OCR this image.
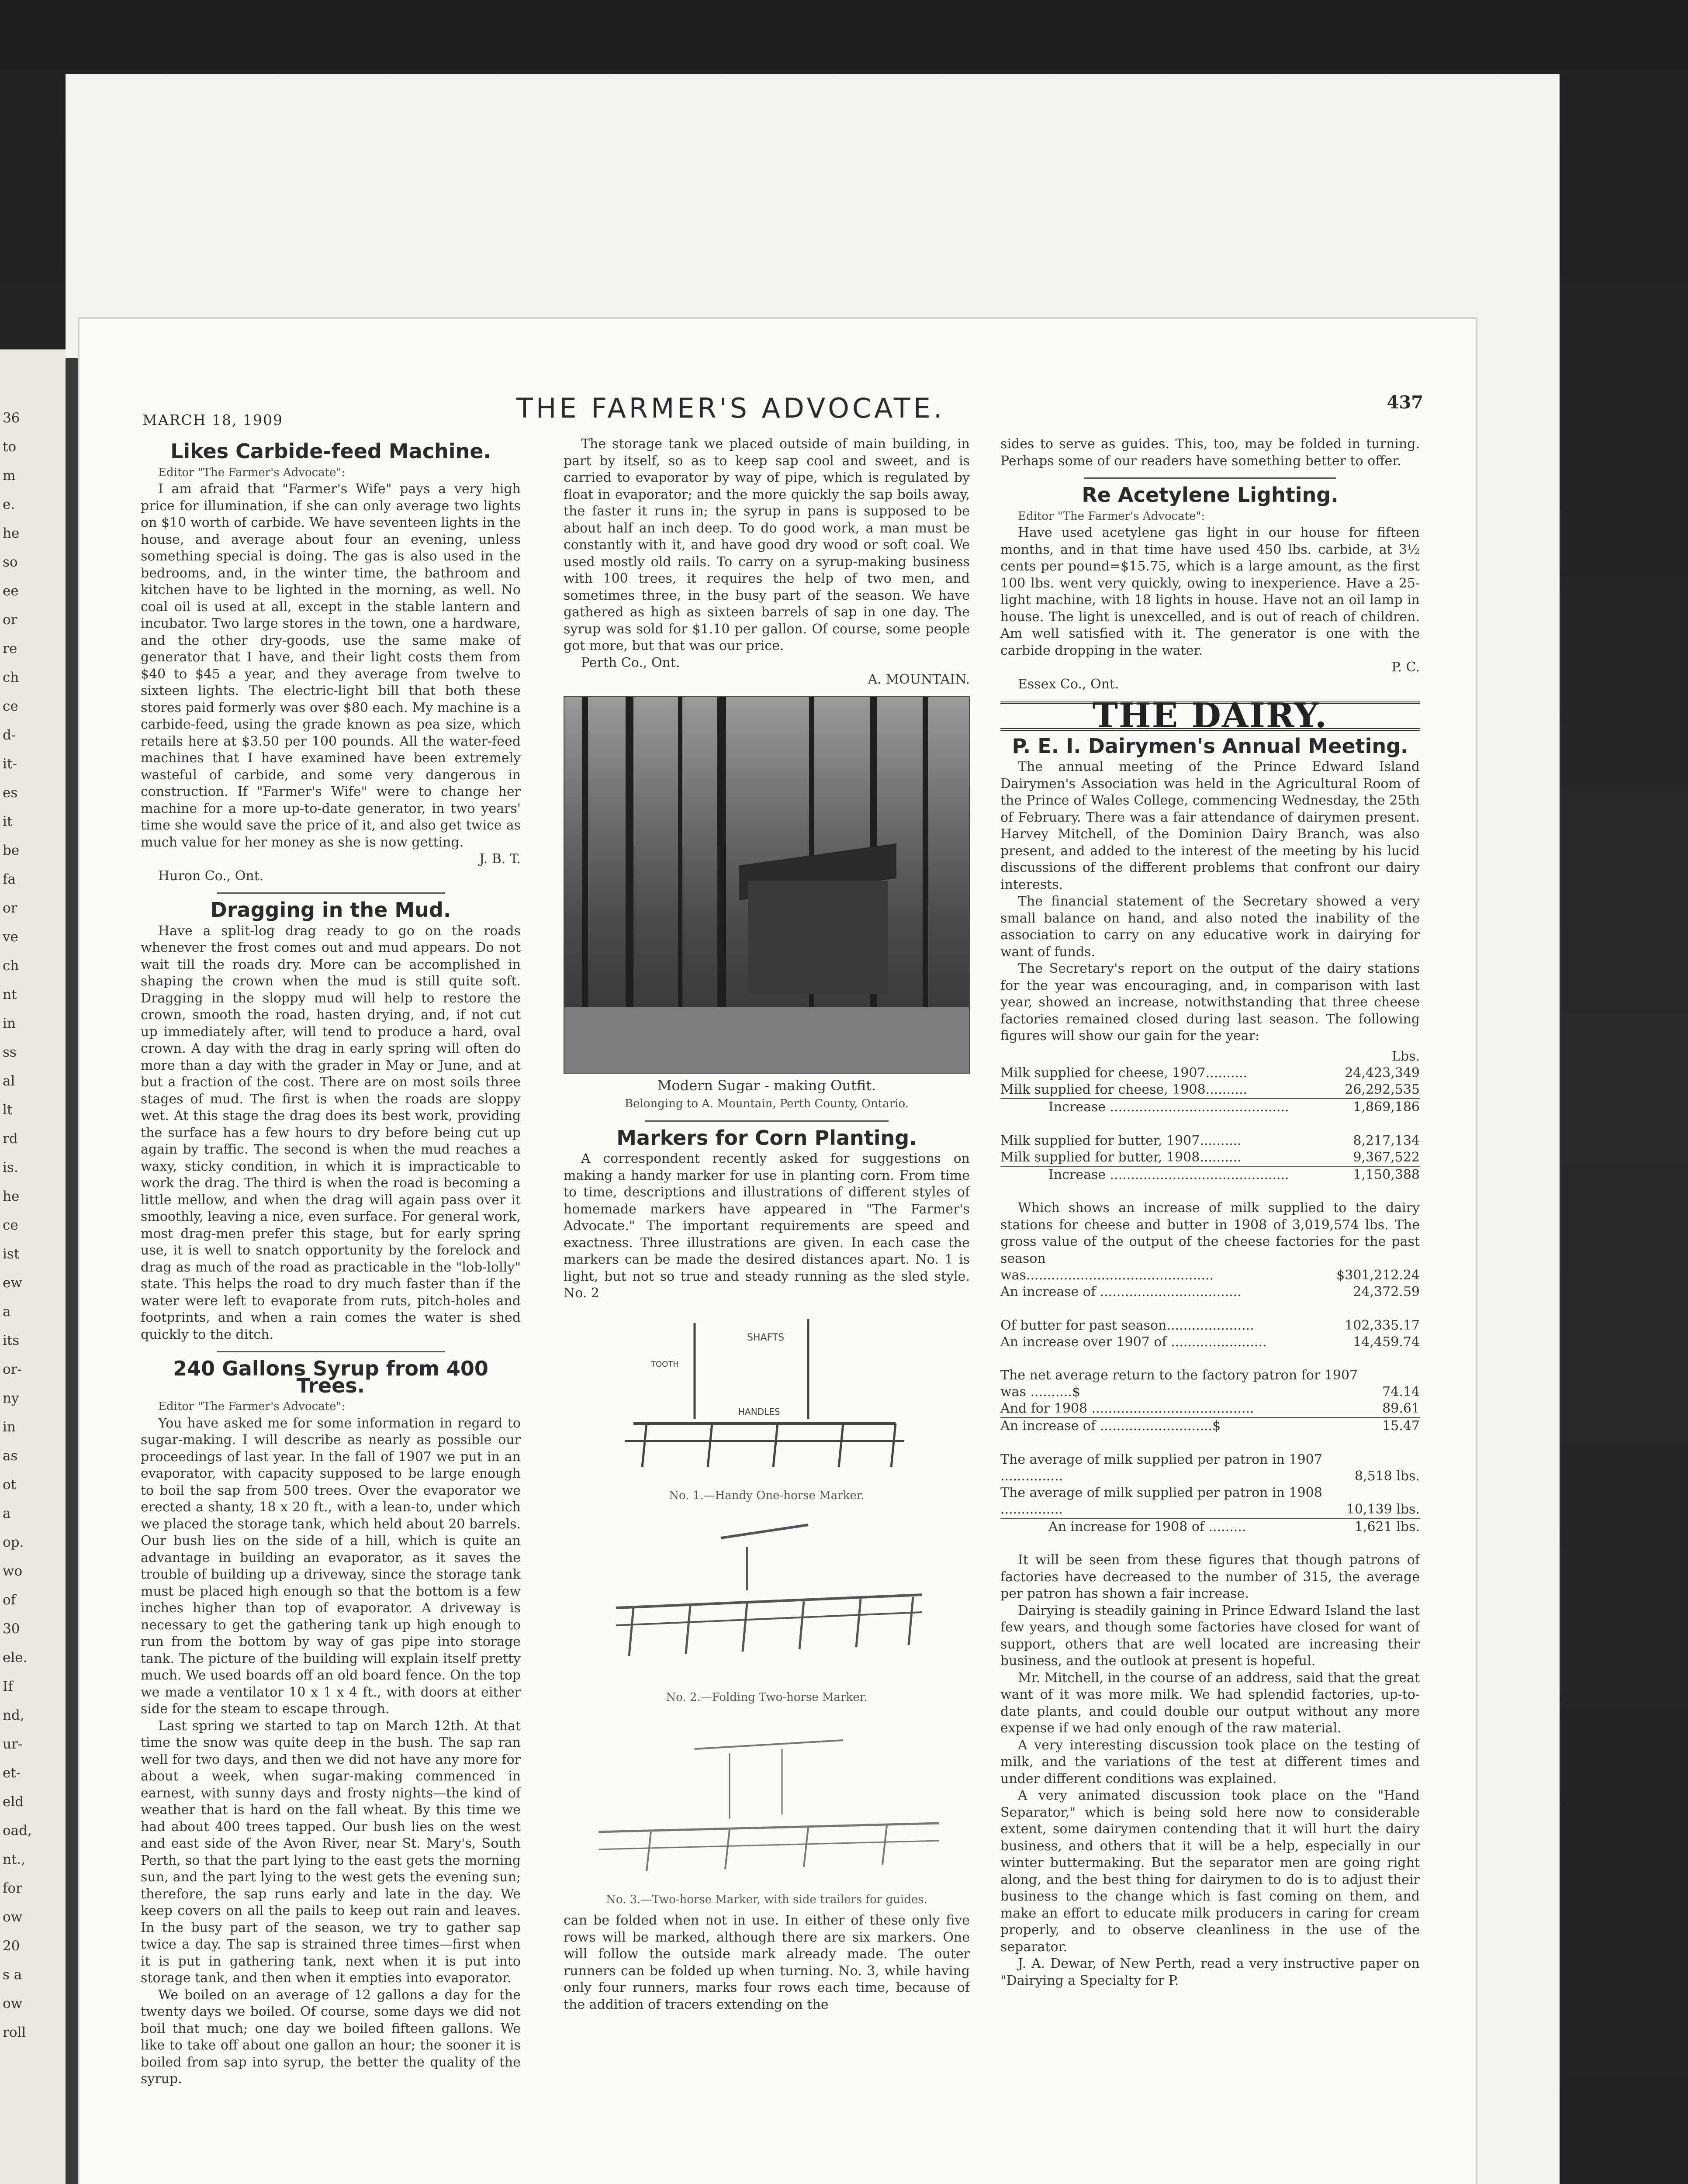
36
to
m
e.
he
so
ee
or
re
ch
ce
d-
it-
es
it
be
fa
or
ve
ch
nt
in
ss
al
lt
rd
is.
he
ce
ist
ew
a
its
or-
ny
in
as
ot
a
op.
wo
of
30
ele.
If
nd,
ur-
et-
eld
oad,
nt.,
for
ow
20
s a
ow
roll
MARCH 18, 1909	THE FARMER'S ADVOCATE.	437
Likes Carbide-feed Machine.

Editor "The Farmer's Advocate":

I am afraid that "Farmer's Wife" pays a very high price for illumination, if she can only average two lights on $10 worth of carbide. We have seventeen lights in the house, and average about four an evening, unless something special is doing. The gas is also used in the bedrooms, and, in the winter time, the bathroom and kitchen have to be lighted in the morning, as well. No coal oil is used at all, except in the stable lantern and incubator. Two large stores in the town, one a hardware, and the other dry-goods, use the same make of generator that I have, and their light costs them from $40 to $45 a year, and they average from twelve to sixteen lights. The electric-light bill that both these stores paid formerly was over $80 each. My machine is a carbide-feed, using the grade known as pea size, which retails here at $3.50 per 100 pounds. All the water-feed machines that I have examined have been extremely wasteful of carbide, and some very dangerous in construction. If "Farmer's Wife" were to change her machine for a more up-to-date generator, in two years' time she would save the price of it, and also get twice as much value for her money as she is now getting.

J. B. T.

Huron Co., Ont.

Dragging in the Mud.

Have a split-log drag ready to go on the roads whenever the frost comes out and mud appears. Do not wait till the roads dry. More can be accomplished in shaping the crown when the mud is still quite soft. Dragging in the sloppy mud will help to restore the crown, smooth the road, hasten drying, and, if not cut up immediately after, will tend to produce a hard, oval crown. A day with the drag in early spring will often do more than a day with the grader in May or June, and at but a fraction of the cost. There are on most soils three stages of mud. The first is when the roads are sloppy wet. At this stage the drag does its best work, providing the surface has a few hours to dry before being cut up again by traffic. The second is when the mud reaches a waxy, sticky condition, in which it is impracticable to work the drag. The third is when the road is becoming a little mellow, and when the drag will again pass over it smoothly, leaving a nice, even surface. For general work, most drag-men prefer this stage, but for early spring use, it is well to snatch opportunity by the forelock and drag as much of the road as practicable in the "lob-lolly" state. This helps the road to dry much faster than if the water were left to evaporate from ruts, pitch-holes and footprints, and when a rain comes the water is shed quickly to the ditch.

240 Gallons Syrup from 400 Trees.

Editor "The Farmer's Advocate":

You have asked me for some information in regard to sugar-making. I will describe as nearly as possible our proceedings of last year. In the fall of 1907 we put in an evaporator, with capacity supposed to be large enough to boil the sap from 500 trees. Over the evaporator we erected a shanty, 18 x 20 ft., with a lean-to, under which we placed the storage tank, which held about 20 barrels. Our bush lies on the side of a hill, which is quite an advantage in building an evaporator, as it saves the trouble of building up a driveway, since the storage tank must be placed high enough so that the bottom is a few inches higher than top of evaporator. A driveway is necessary to get the gathering tank up high enough to run from the bottom by way of gas pipe into storage tank. The picture of the building will explain itself pretty much. We used boards off an old board fence. On the top we made a ventilator 10 x 1 x 4 ft., with doors at either side for the steam to escape through.

Last spring we started to tap on March 12th. At that time the snow was quite deep in the bush. The sap ran well for two days, and then we did not have any more for about a week, when sugar-making commenced in earnest, with sunny days and frosty nights—the kind of weather that is hard on the fall wheat. By this time we had about 400 trees tapped. Our bush lies on the west and east side of the Avon River, near St. Mary's, South Perth, so that the part lying to the east gets the morning sun, and the part lying to the west gets the evening sun; therefore, the sap runs early and late in the day. We keep covers on all the pails to keep out rain and leaves. In the busy part of the season, we try to gather sap twice a day. The sap is strained three times—first when it is put in gathering tank, next when it is put into storage tank, and then when it empties into evaporator.

We boiled on an average of 12 gallons a day for the twenty days we boiled. Of course, some days we did not boil that much; one day we boiled fifteen gallons. We like to take off about one gallon an hour; the sooner it is boiled from sap into syrup, the better the quality of the syrup.

The storage tank we placed outside of main building, in part by itself, so as to keep sap cool and sweet, and is carried to evaporator by way of pipe, which is regulated by float in evaporator; and the more quickly the sap boils away, the faster it runs in; the syrup in pans is supposed to be about half an inch deep. To do good work, a man must be constantly with it, and have good dry wood or soft coal. We used mostly old rails. To carry on a syrup-making business with 100 trees, it requires the help of two men, and sometimes three, in the busy part of the season. We have gathered as high as sixteen barrels of sap in one day. The syrup was sold for $1.10 per gallon. Of course, some people got more, but that was our price.

Perth Co., Ont.

A. MOUNTAIN.

Modern Sugar - making Outfit.
Belonging to A. Mountain, Perth County, Ontario.
Markers for Corn Planting.

A correspondent recently asked for suggestions on making a handy marker for use in planting corn. From time to time, descriptions and illustrations of different styles of homemade markers have appeared in "The Farmer's Advocate." The important requirements are speed and exactness. Three illustrations are given. In each case the markers can be made the desired distances apart. No. 1 is light, but not so true and steady running as the sled style. No. 2

SHAFTS
TOOTH
HANDLES
No. 1.—Handy One-horse Marker.
No. 2.—Folding Two-horse Marker.
No. 3.—Two-horse Marker, with side trailers for guides.

can be folded when not in use. In either of these only five rows will be marked, although there are six markers. One will follow the outside mark already made. The outer runners can be folded up when turning. No. 3, while having only four runners, marks four rows each time, because of the addition of tracers extending on the

sides to serve as guides. This, too, may be folded in turning. Perhaps some of our readers have something better to offer.

Re Acetylene Lighting.

Editor "The Farmer's Advocate":

Have used acetylene gas light in our house for fifteen months, and in that time have used 450 lbs. carbide, at 3½ cents per pound=$15.75, which is a large amount, as the first 100 lbs. went very quickly, owing to inexperience. Have a 25-light machine, with 18 lights in house. Have not an oil lamp in house. The light is unexcelled, and is out of reach of children. Am well satisfied with it. The generator is one with the carbide dropping in the water.

P. C.

Essex Co., Ont.

THE DAIRY.
P. E. I. Dairymen's Annual Meeting.

The annual meeting of the Prince Edward Island Dairymen's Association was held in the Agricultural Room of the Prince of Wales College, commencing Wednesday, the 25th of February. There was a fair attendance of dairymen present. Harvey Mitchell, of the Dominion Dairy Branch, was also present, and added to the interest of the meeting by his lucid discussions of the different problems that confront our dairy interests.

The financial statement of the Secretary showed a very small balance on hand, and also noted the inability of the association to carry on any educative work in dairying for want of funds.

The Secretary's report on the output of the dairy stations for the year was encouraging, and, in comparison with last year, showed an increase, notwithstanding that three cheese factories remained closed during last season. The following figures will show our gain for the year:

Lbs.
Milk supplied for cheese, 1907..........	24,423,349
Milk supplied for cheese, 1908..........	26,292,535
Increase ...........................................	1,869,186

Milk supplied for butter, 1907..........	8,217,134
Milk supplied for butter, 1908..........	9,367,522
Increase ...........................................	1,150,388

Which shows an increase of milk supplied to the dairy stations for cheese and butter in 1908 of 3,019,574 lbs. The gross value of the output of the cheese factories for the past season

was.............................................	$301,212.24
An increase of ..................................	24,372.59

Of butter for past season.....................	102,335.17
An increase over 1907 of .......................	14,459.74

The net average return to the factory patron for 1907 was ..........$	74.14
And for 1908 .......................................	89.61
An increase of ...........................$	15.47

The average of milk supplied per patron in 1907 ...............	8,518 lbs.
The average of milk supplied per patron in 1908 ...............	10,139 lbs.
An increase for 1908 of .........	1,621 lbs.

It will be seen from these figures that though patrons of factories have decreased to the number of 315, the average per patron has shown a fair increase.

Dairying is steadily gaining in Prince Edward Island the last few years, and though some factories have closed for want of support, others that are well located are increasing their business, and the outlook at present is hopeful.

Mr. Mitchell, in the course of an address, said that the great want of it was more milk. We had splendid factories, up-to-date plants, and could double our output without any more expense if we had only enough of the raw material.

A very interesting discussion took place on the testing of milk, and the variations of the test at different times and under different conditions was explained.

A very animated discussion took place on the "Hand Separator," which is being sold here now to considerable extent, some dairymen contending that it will hurt the dairy business, and others that it will be a help, especially in our winter buttermaking. But the separator men are going right along, and the best thing for dairymen to do is to adjust their business to the change which is fast coming on them, and make an effort to educate milk producers in caring for cream properly, and to observe cleanliness in the use of the separator.

J. A. Dewar, of New Perth, read a very instructive paper on "Dairying a Specialty for P.
